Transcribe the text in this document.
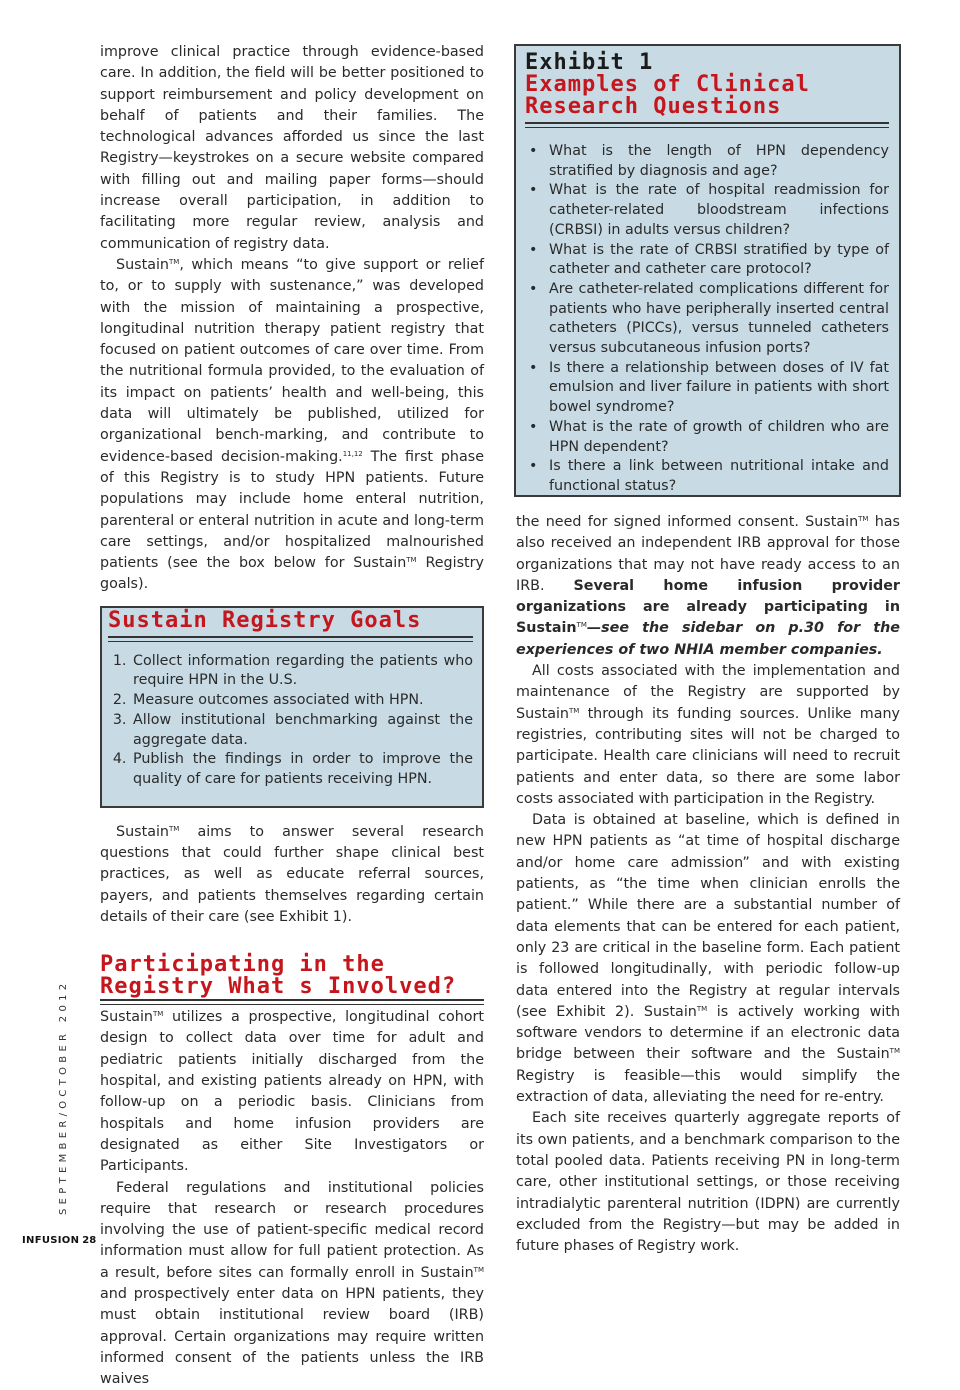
improve clinical practice through evidence-based care. In addition, the field will be better positioned to support reimbursement and policy development on behalf of patients and their families. The technological advances afforded us since the last Registry—keystrokes on a secure website compared with filling out and mailing paper forms—should increase overall participation, in addition to facilitating more regular review, analysis and communication of registry data.

Sustain™, which means “to give support or relief to, or to supply with sustenance,” was developed with the mission of maintaining a prospective, longitudinal nutrition therapy patient registry that focused on patient outcomes of care over time. From the nutritional formula provided, to the evaluation of its impact on patients’ health and well-being, this data will ultimately be published, utilized for organizational bench-marking, and contribute to evidence-based decision-making.$^{11,12}$ The first phase of this Registry is to study HPN patients. Future populations may include home enteral nutrition, parenteral or enteral nutrition in acute and long-term care settings, and/or hospitalized malnourished patients (see the box below for Sustain™ Registry goals).

Sustain Registry Goals
1. Collect information regarding the patients who require HPN in the U.S.
2. Measure outcomes associated with HPN.
3. Allow institutional benchmarking against the aggregate data.
4. Publish the findings in order to improve the quality of care for patients receiving HPN.

Sustain™ aims to answer several research questions that could further shape clinical best practices, as well as educate referral sources, payers, and patients themselves regarding certain details of their care (see Exhibit 1).

Participating in the
Registry What s Involved?

Sustain™ utilizes a prospective, longitudinal cohort design to collect data over time for adult and pediatric patients initially discharged from the hospital, and existing patients already on HPN, with follow-up on a periodic basis. Clinicians from hospitals and home infusion providers are designated as either Site Investigators or Participants.

Federal regulations and institutional policies require that research or research procedures involving the use of patient-specific medical record information must allow for full patient protection. As a result, before sites can formally enroll in Sustain™ and prospectively enter data on HPN patients, they must obtain institutional review board (IRB) approval. Certain organizations may require written informed consent of the patients unless the IRB waives

Exhibit 1
Examples of Clinical
Research Questions
• What is the length of HPN dependency stratified by diagnosis and age?
• What is the rate of hospital readmission for catheter-related bloodstream infections (CRBSI) in adults versus children?
• What is the rate of CRBSI stratified by type of catheter and catheter care protocol?
• Are catheter-related complications different for patients who have peripherally inserted central catheters (PICCs), versus tunneled catheters versus subcutaneous infusion ports?
• Is there a relationship between doses of IV fat emulsion and liver failure in patients with short bowel syndrome?
• What is the rate of growth of children who are HPN dependent?
• Is there a link between nutritional intake and functional status?

the need for signed informed consent. Sustain™ has also received an independent IRB approval for those organizations that may not have ready access to an IRB. Several home infusion provider organizations are already participating in Sustain™—see the sidebar on p.30 for the experiences of two NHIA member companies.

All costs associated with the implementation and maintenance of the Registry are supported by Sustain™ through its funding sources. Unlike many registries, contributing sites will not be charged to participate. Health care clinicians will need to recruit patients and enter data, so there are some labor costs associated with participation in the Registry.

Data is obtained at baseline, which is defined in new HPN patients as “at time of hospital discharge and/or home care admission” and with existing patients, as “the time when clinician enrolls the patient.” While there are a substantial number of data elements that can be entered for each patient, only 23 are critical in the baseline form. Each patient is followed longitudinally, with periodic follow-up data entered into the Registry at regular intervals (see Exhibit 2). Sustain™ is actively working with software vendors to determine if an electronic data bridge between their software and the Sustain™ Registry is feasible—this would simplify the extraction of data, alleviating the need for re-entry.

Each site receives quarterly aggregate reports of its own patients, and a benchmark comparison to the total pooled data. Patients receiving PN in long-term care, other institutional settings, or those receiving intradialytic parenteral nutrition (IDPN) are currently excluded from the Registry—but may be added in future phases of Registry work.

SEPTEMBER/OCTOBER 2012
INFUSION 28
